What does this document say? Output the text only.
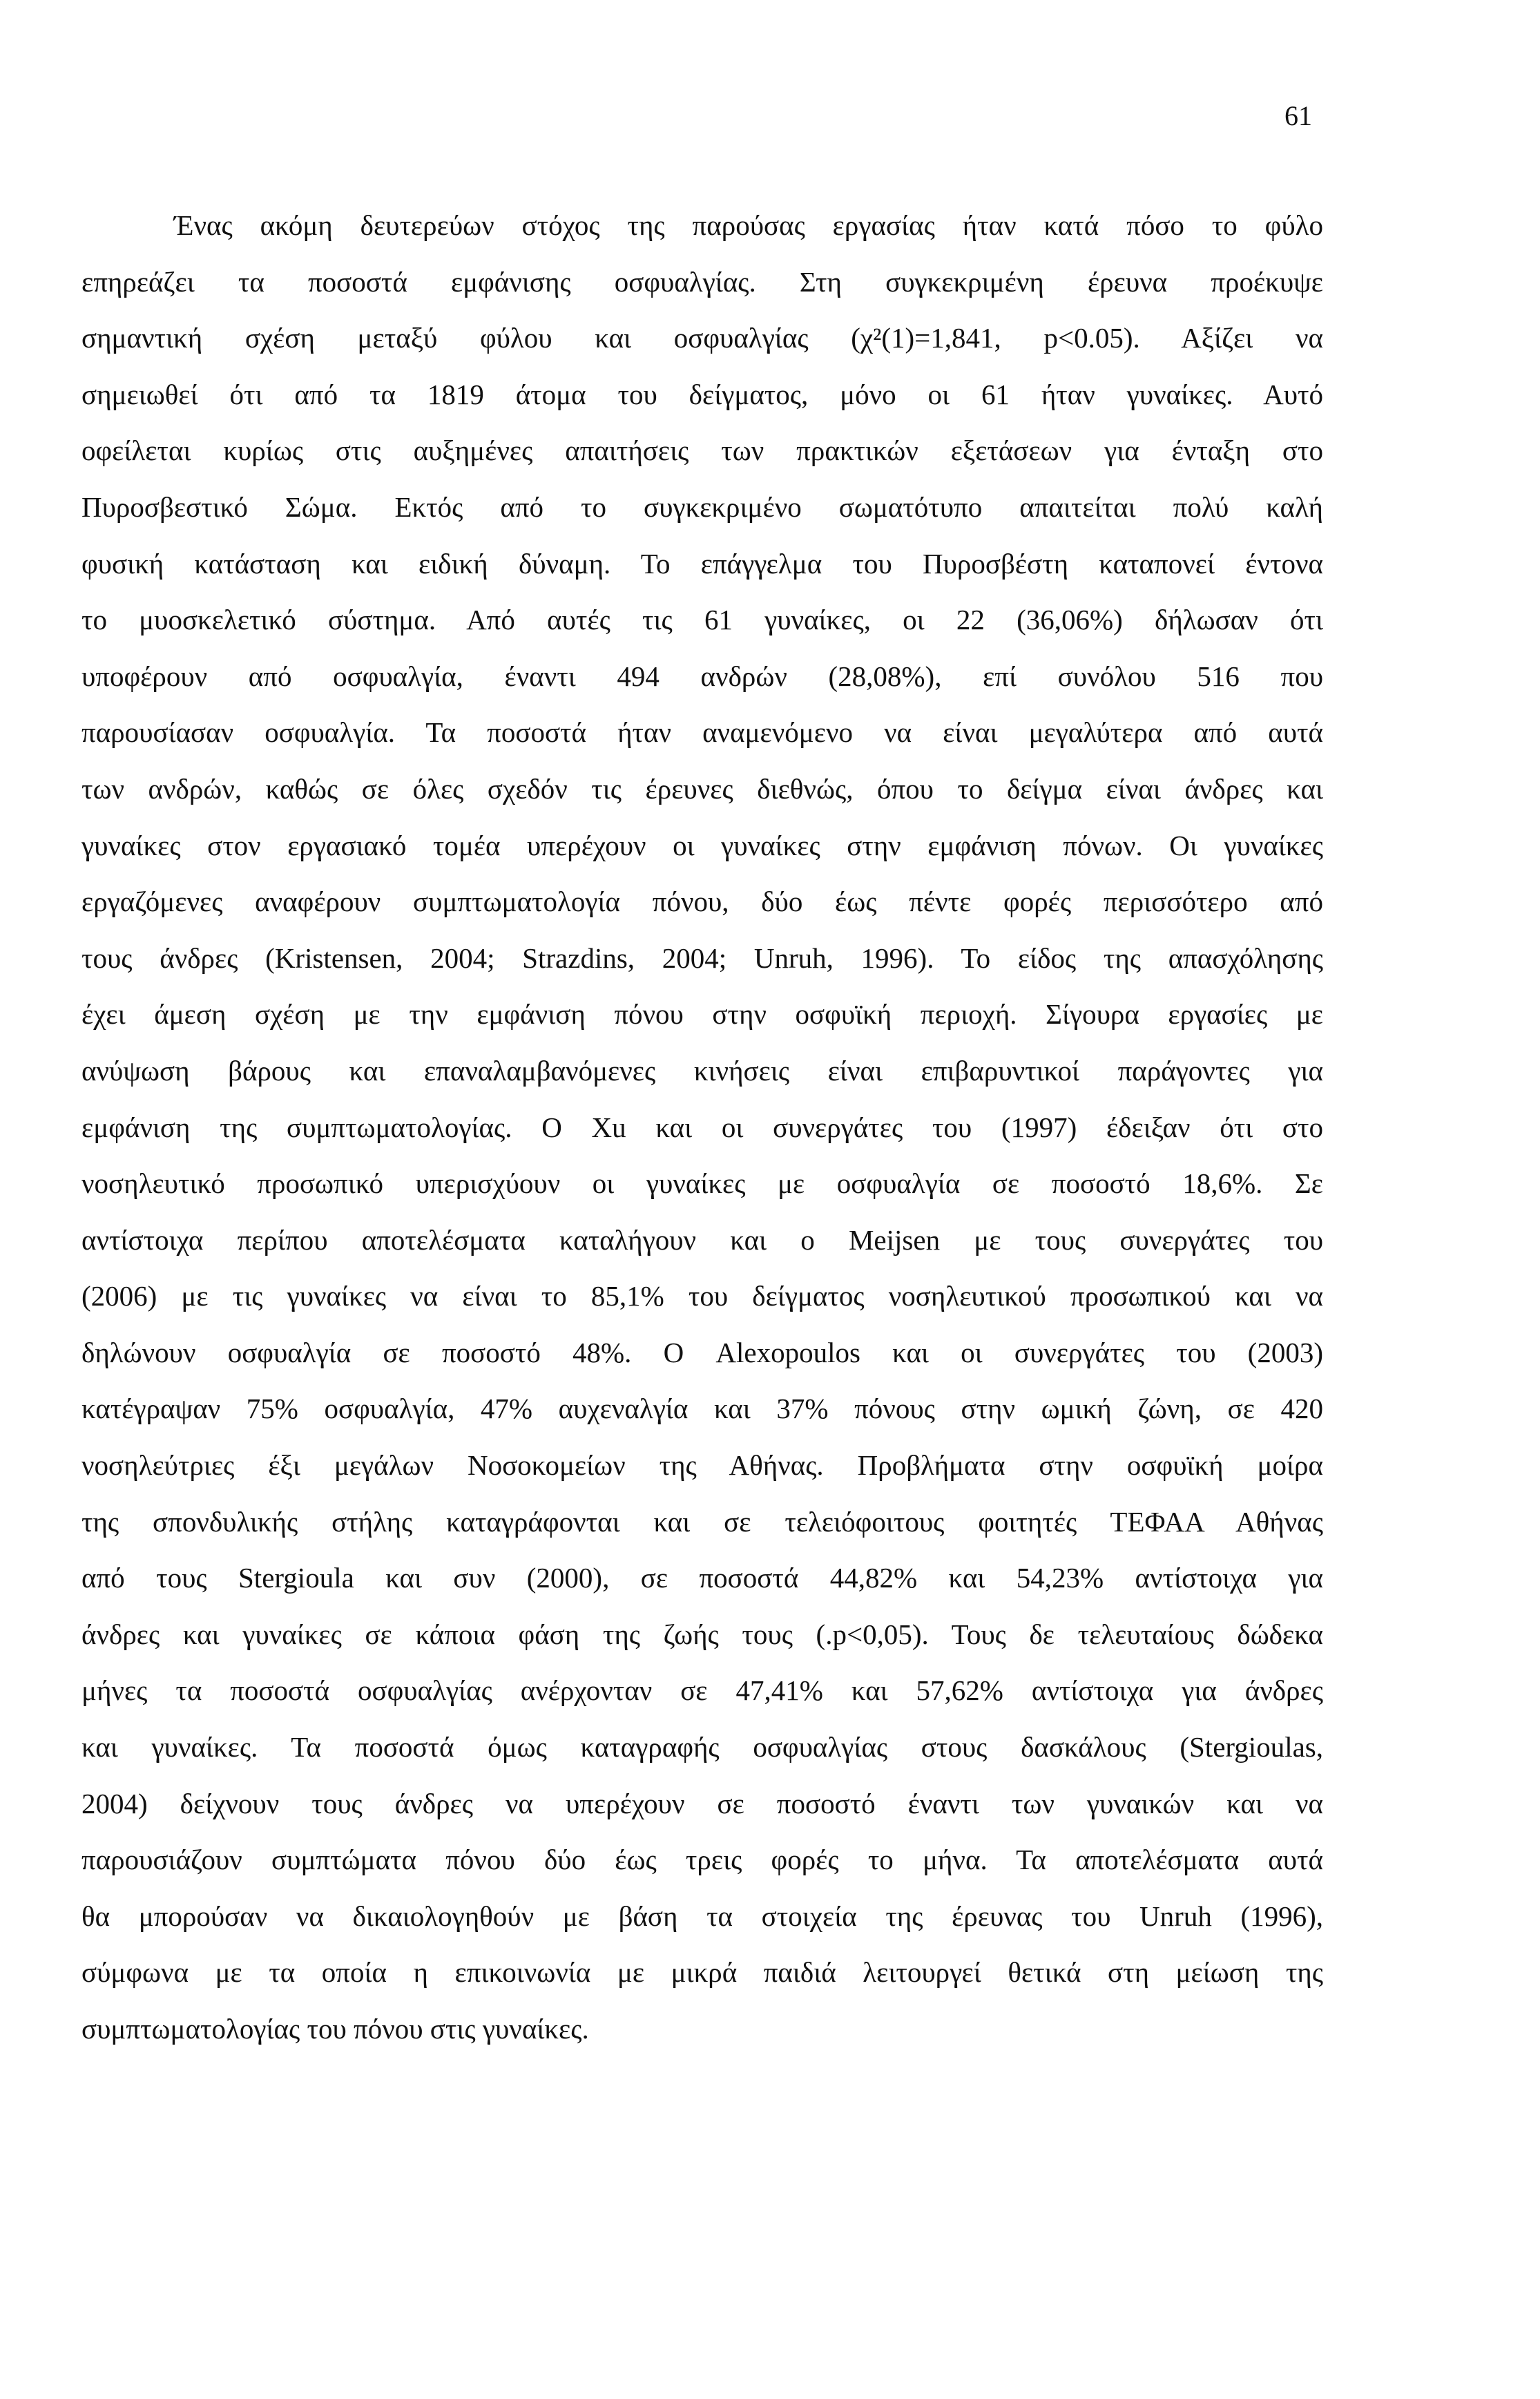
61
Ένας ακόμη δευτερεύων στόχος της παρούσας εργασίας ήταν κατά πόσο το φύλο
επηρεάζει τα ποσοστά εμφάνισης οσφυαλγίας. Στη συγκεκριμένη έρευνα προέκυψε
σημαντική σχέση μεταξύ φύλου και οσφυαλγίας (χ²(1)=1,841, p<0.05). Αξίζει να
σημειωθεί ότι από τα 1819 άτομα του δείγματος, μόνο οι 61 ήταν γυναίκες. Αυτό
οφείλεται κυρίως στις αυξημένες απαιτήσεις των πρακτικών εξετάσεων για ένταξη στο
Πυροσβεστικό Σώμα. Εκτός από το συγκεκριμένο σωματότυπο απαιτείται πολύ καλή
φυσική κατάσταση και ειδική δύναμη. Το επάγγελμα του Πυροσβέστη καταπονεί έντονα
το μυοσκελετικό σύστημα. Από αυτές τις 61 γυναίκες, οι 22 (36,06%) δήλωσαν ότι
υποφέρουν από οσφυαλγία, έναντι 494 ανδρών (28,08%), επί συνόλου 516 που
παρουσίασαν οσφυαλγία. Τα ποσοστά ήταν αναμενόμενο να είναι μεγαλύτερα από αυτά
των ανδρών, καθώς σε όλες σχεδόν τις έρευνες διεθνώς, όπου το δείγμα είναι άνδρες και
γυναίκες στον εργασιακό τομέα υπερέχουν οι γυναίκες στην εμφάνιση πόνων. Οι γυναίκες
εργαζόμενες αναφέρουν συμπτωματολογία πόνου, δύο έως πέντε φορές περισσότερο από
τους άνδρες (Kristensen, 2004; Strazdins, 2004; Unruh, 1996). Το είδος της απασχόλησης
έχει άμεση σχέση με την εμφάνιση πόνου στην οσφυϊκή περιοχή. Σίγουρα εργασίες με
ανύψωση βάρους και επαναλαμβανόμενες κινήσεις είναι επιβαρυντικοί παράγοντες για
εμφάνιση της συμπτωματολογίας. Ο Xu και οι συνεργάτες του (1997) έδειξαν ότι στο
νοσηλευτικό προσωπικό υπερισχύουν οι γυναίκες με οσφυαλγία σε ποσοστό 18,6%. Σε
αντίστοιχα περίπου αποτελέσματα καταλήγουν και ο Meijsen με τους συνεργάτες του
(2006) με τις γυναίκες να είναι το 85,1% του δείγματος νοσηλευτικού προσωπικού και να
δηλώνουν οσφυαλγία σε ποσοστό 48%. Ο Alexopoulos και οι συνεργάτες του (2003)
κατέγραψαν 75% οσφυαλγία, 47% αυχεναλγία και 37% πόνους στην ωμική ζώνη, σε 420
νοσηλεύτριες έξι μεγάλων Νοσοκομείων της Αθήνας. Προβλήματα στην οσφυϊκή μοίρα
της σπονδυλικής στήλης καταγράφονται και σε τελειόφοιτους φοιτητές ΤΕΦΑΑ Αθήνας
από τους Stergioula και συν (2000), σε ποσοστά 44,82% και 54,23% αντίστοιχα για
άνδρες και γυναίκες σε κάποια φάση της ζωής τους (.p<0,05). Τους δε τελευταίους δώδεκα
μήνες τα ποσοστά οσφυαλγίας ανέρχονταν σε 47,41% και 57,62% αντίστοιχα για άνδρες
και γυναίκες. Τα ποσοστά όμως καταγραφής οσφυαλγίας στους δασκάλους (Stergioulas,
2004) δείχνουν τους άνδρες να υπερέχουν σε ποσοστό έναντι των γυναικών και να
παρουσιάζουν συμπτώματα πόνου δύο έως τρεις φορές το μήνα. Τα αποτελέσματα αυτά
θα μπορούσαν να δικαιολογηθούν με βάση τα στοιχεία της έρευνας του Unruh (1996),
σύμφωνα με τα οποία η επικοινωνία με μικρά παιδιά λειτουργεί θετικά στη μείωση της
συμπτωματολογίας του πόνου στις γυναίκες.
